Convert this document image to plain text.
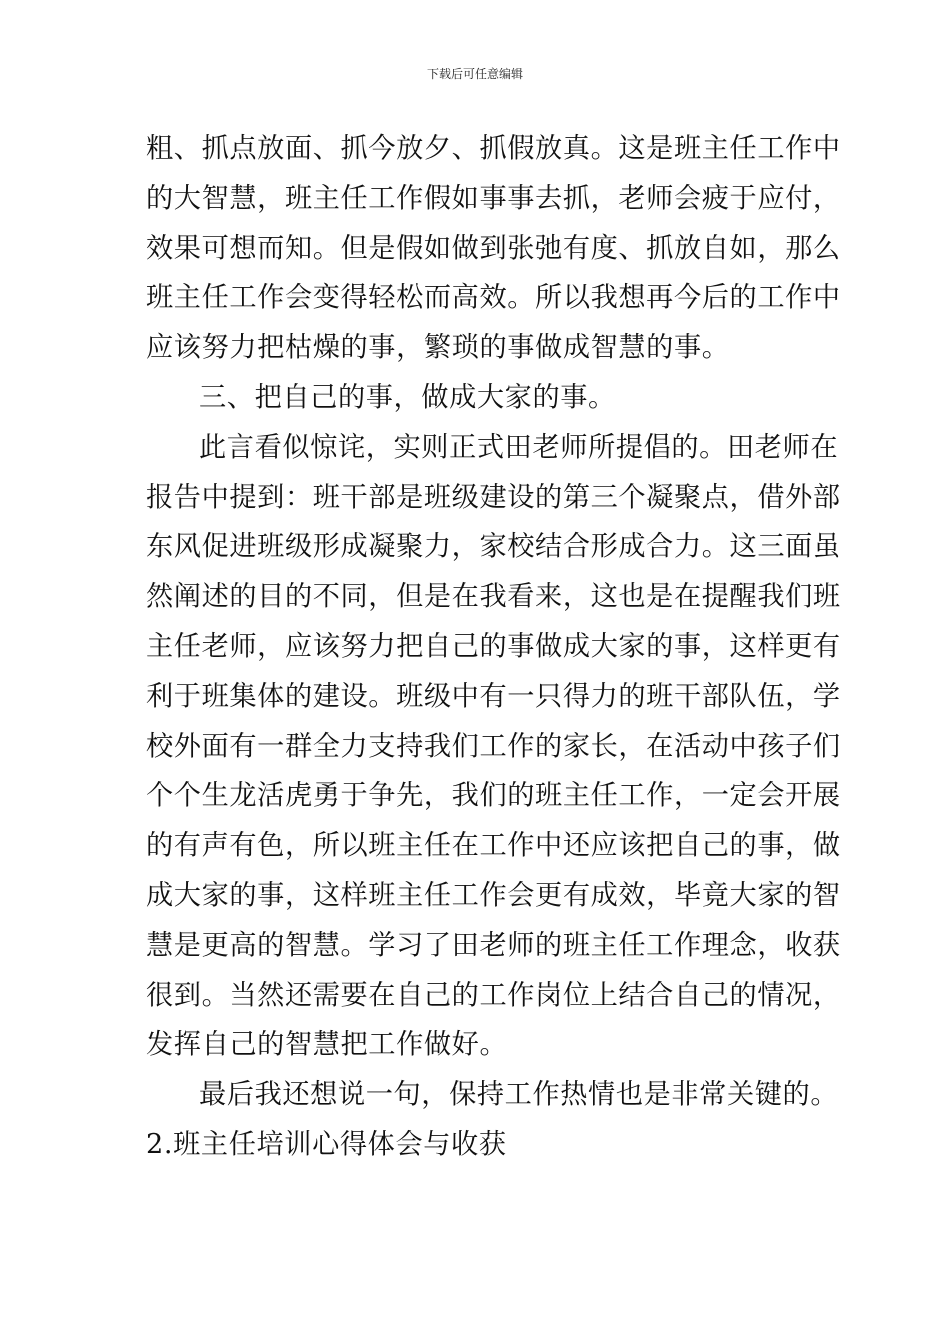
下载后可任意编辑
粗、抓点放面、抓今放夕、抓假放真。这是班主任工作中
的大智慧，班主任工作假如事事去抓，老师会疲于应付，
效果可想而知。但是假如做到张弛有度、抓放自如，那么
班主任工作会变得轻松而高效。所以我想再今后的工作中
应该努力把枯燥的事，繁琐的事做成智慧的事。
三、把自己的事，做成大家的事。
此言看似惊诧，实则正式田老师所提倡的。田老师在
报告中提到：班干部是班级建设的第三个凝聚点，借外部
东风促进班级形成凝聚力，家校结合形成合力。这三面虽
然阐述的目的不同，但是在我看来，这也是在提醒我们班
主任老师，应该努力把自己的事做成大家的事，这样更有
利于班集体的建设。班级中有一只得力的班干部队伍，学
校外面有一群全力支持我们工作的家长，在活动中孩子们
个个生龙活虎勇于争先，我们的班主任工作，一定会开展
的有声有色，所以班主任在工作中还应该把自己的事，做
成大家的事，这样班主任工作会更有成效，毕竟大家的智
慧是更高的智慧。学习了田老师的班主任工作理念，收获
很到。当然还需要在自己的工作岗位上结合自己的情况，
发挥自己的智慧把工作做好。
最后我还想说一句，保持工作热情也是非常关键的。
2.班主任培训心得体会与收获
